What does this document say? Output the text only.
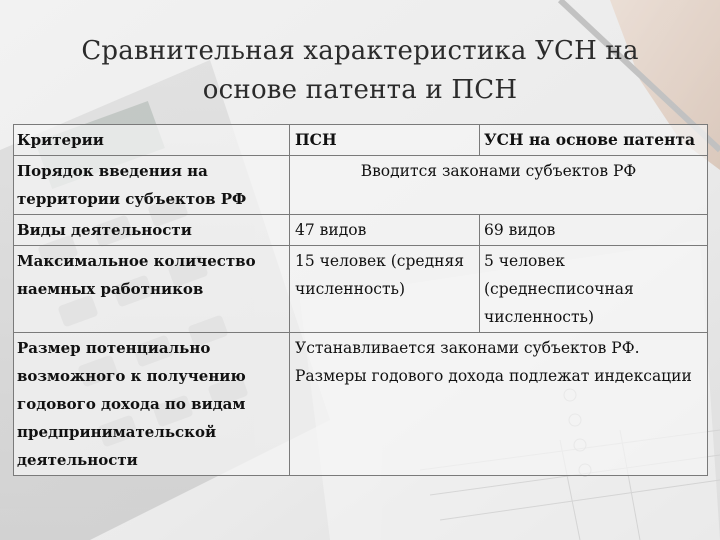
Сравнительная характеристика УСН на
основе патента и ПСН
Критерии	ПСН	УСН на основе патента
Порядок введения на территории субъектов РФ	Вводится законами субъектов РФ	
Виды деятельности	47 видов	69 видов
Максимальное количество наемных работников	15 человек (средняя численность)	5 человек (среднесписочная численность)
Размер потенциально возможного к получению годового дохода по видам предпринимательской деятельности	Устанавливается законами субъектов РФ.
Размеры годового дохода подлежат индексации	
